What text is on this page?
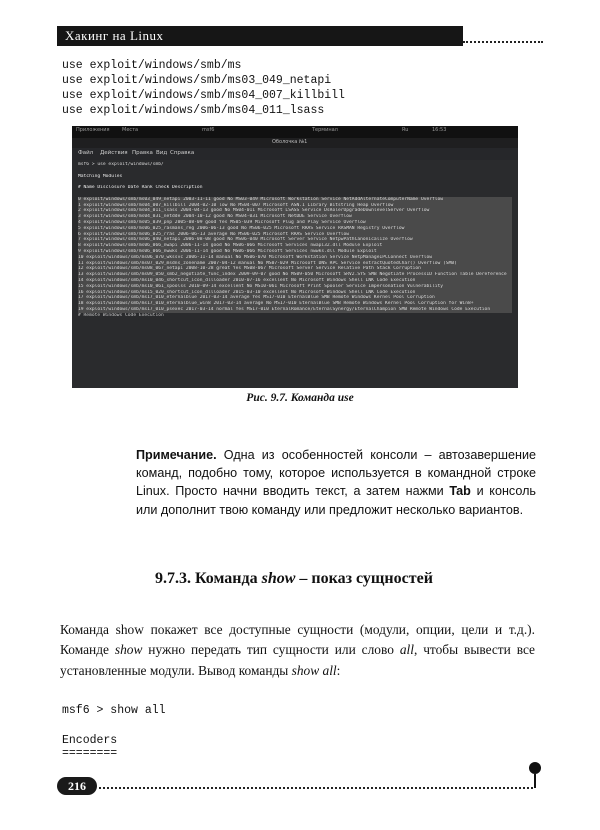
Хакинг на Linux
use exploit/windows/smb/ms
use exploit/windows/smb/ms03_049_netapi
use exploit/windows/smb/ms04_007_killbill
use exploit/windows/smb/ms04_011_lsass
Приложения Места	msf6	Терминал	Ru	16:53
Оболочка №1
Файл Действия Правка Вид Справка
msf6 > use exploit/windows/smb/

Matching Modules

# Name Disclosure Date Rank Check Description

0 exploit/windows/smb/ms03_049_netapi 2003-11-11 good No MS03-049 Microsoft Workstation Service NetAddAlternateComputerName Overflow
1 exploit/windows/smb/ms04_007_killbill 2004-02-10 low No MS04-007 Microsoft ASN.1 Library Bitstring Heap Overflow
2 exploit/windows/smb/ms04_011_lsass 2004-04-13 good No MS04-011 Microsoft LSASS Service DsRolerUpgradeDownlevelServer Overflow
3 exploit/windows/smb/ms04_031_netdde 2004-10-12 good No MS04-031 Microsoft NetDDE Service Overflow
4 exploit/windows/smb/ms05_039_pnp 2005-08-09 good Yes MS05-039 Microsoft Plug and Play Service Overflow
5 exploit/windows/smb/ms06_025_rasmans_reg 2006-06-13 good No MS06-025 Microsoft RRAS Service RASMAN Registry Overflow
6 exploit/windows/smb/ms06_025_rras 2006-06-13 average No MS06-025 Microsoft RRAS Service Overflow
7 exploit/windows/smb/ms06_040_netapi 2006-08-08 good No MS06-040 Microsoft Server Service NetpwPathCanonicalize Overflow
8 exploit/windows/smb/ms06_066_nwapi 2006-11-14 good No MS06-066 Microsoft Services nwapi32.dll Module Exploit
9 exploit/windows/smb/ms06_066_nwwks 2006-11-14 good No MS06-066 Microsoft Services nwwks.dll Module Exploit
10 exploit/windows/smb/ms06_070_wkssvc 2006-11-14 manual No MS06-070 Microsoft Workstation Service NetpManageIPCConnect Overflow
11 exploit/windows/smb/ms07_029_msdns_zonename 2007-04-12 manual No MS07-029 Microsoft DNS RPC Service extractQuotedChar() Overflow (SMB)
12 exploit/windows/smb/ms08_067_netapi 2008-10-28 great Yes MS08-067 Microsoft Server Service Relative Path Stack Corruption
13 exploit/windows/smb/ms09_050_smb2_negotiate_func_index 2009-09-07 good No MS09-050 Microsoft SRV2.SYS SMB Negotiate ProcessID Function Table Dereference
14 exploit/windows/smb/ms10_046_shortcut_icon_dllloader 2010-07-16 excellent No Microsoft Windows Shell LNK Code Execution
15 exploit/windows/smb/ms10_061_spoolss 2010-09-14 excellent No MS10-061 Microsoft Print Spooler Service Impersonation Vulnerability
16 exploit/windows/smb/ms15_020_shortcut_icon_dllloader 2015-03-10 excellent No Microsoft Windows Shell LNK Code Execution
17 exploit/windows/smb/ms17_010_eternalblue 2017-03-14 average Yes MS17-010 EternalBlue SMB Remote Windows Kernel Pool Corruption
18 exploit/windows/smb/ms17_010_eternalblue_win8 2017-03-14 average No MS17-010 EternalBlue SMB Remote Windows Kernel Pool Corruption for Win8+
19 exploit/windows/smb/ms17_010_psexec 2017-03-14 normal Yes MS17-010 EternalRomance/EternalSynergy/EternalChampion SMB Remote Windows Code Execution
# Remote Windows Code Execution
Рис. 9.7. Команда use
Примечание. Одна из особенностей консоли – автозавершение команд, подобно тому, которое используется в командной строке Linux. Просто начни вводить текст, а затем нажми Tab и консоль или дополнит твою команду или предложит несколько вариантов.
9.7.3. Команда show – показ сущностей
Команда show покажет все доступные сущности (модули, опции, цели и т.д.). Команде show нужно передать тип сущности или слово all, чтобы вывести все установленные модули. Вывод команды show all:
msf6 > show all
Encoders
========
216
